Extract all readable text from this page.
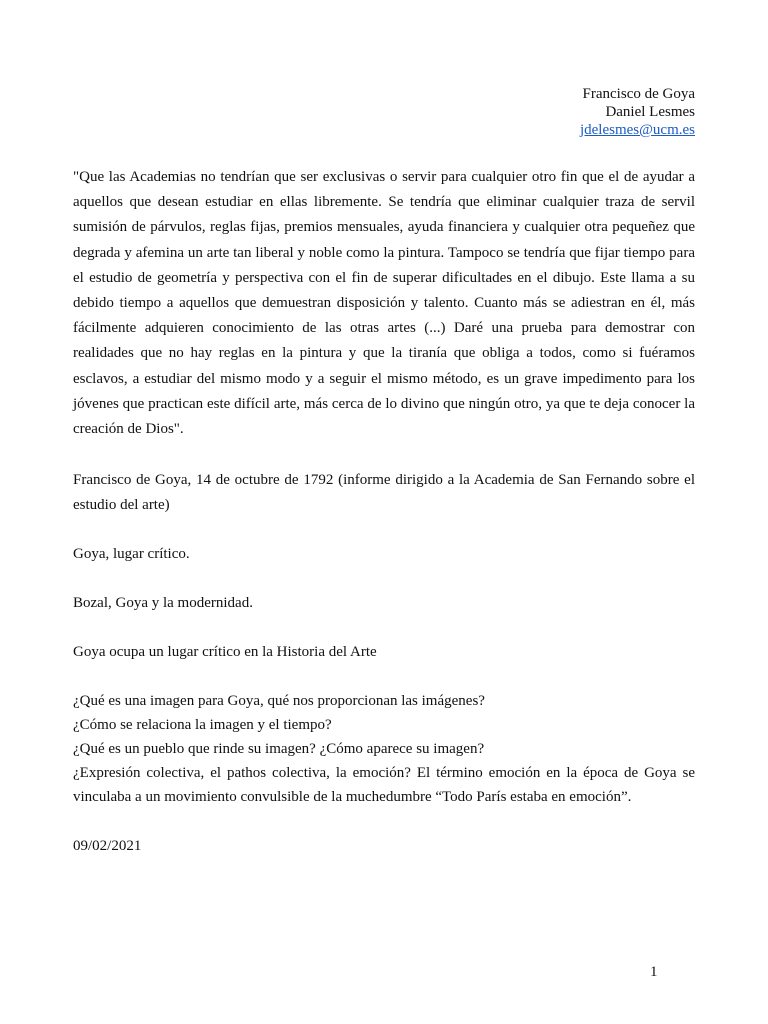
Francisco de Goya
Daniel Lesmes
jdelesmes@ucm.es

"Que las Academias no tendrían que ser exclusivas o servir para cualquier otro fin que el de ayudar a aquellos que desean estudiar en ellas libremente. Se tendría que eliminar cualquier traza de servil sumisión de párvulos, reglas fijas, premios mensuales, ayuda financiera y cualquier otra pequeñez que degrada y afemina un arte tan liberal y noble como la pintura. Tampoco se tendría que fijar tiempo para el estudio de geometría y perspectiva con el fin de superar dificultades en el dibujo. Este llama a su debido tiempo a aquellos que demuestran disposición y talento. Cuanto más se adiestran en él, más fácilmente adquieren conocimiento de las otras artes (...) Daré una prueba para demostrar con realidades que no hay reglas en la pintura y que la tiranía que obliga a todos, como si fuéramos esclavos, a estudiar del mismo modo y a seguir el mismo método, es un grave impedimento para los jóvenes que practican este difícil arte, más cerca de lo divino que ningún otro, ya que te deja conocer la creación de Dios".

Francisco de Goya, 14 de octubre de 1792 (informe dirigido a la Academia de San Fernando sobre el estudio del arte)

Goya, lugar crítico.

Bozal, Goya y la modernidad.

Goya ocupa un lugar crítico en la Historia del Arte

¿Qué es una imagen para Goya, qué nos proporcionan las imágenes?

¿Cómo se relaciona la imagen y el tiempo?

¿Qué es un pueblo que rinde su imagen? ¿Cómo aparece su imagen?

¿Expresión colectiva, el pathos colectiva, la emoción? El término emoción en la época de Goya se vinculaba a un movimiento convulsible de la muchedumbre “Todo París estaba en emoción”.

09/02/2021

1
